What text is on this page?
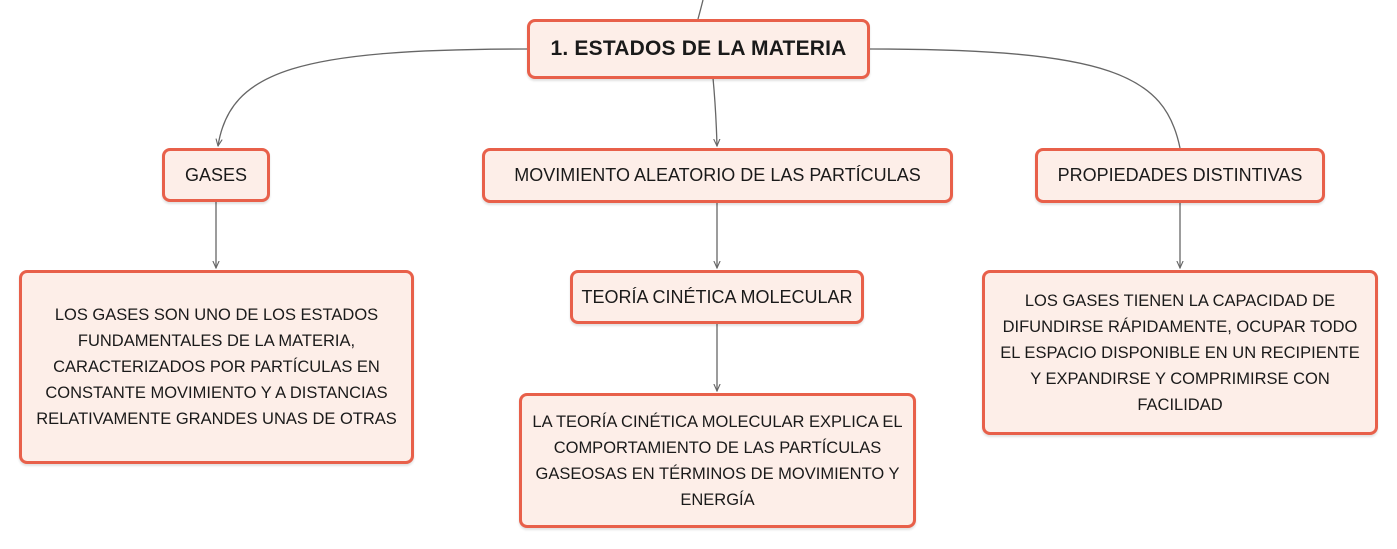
1. ESTADOS DE LA MATERIA
GASES	MOVIMIENTO ALEATORIO DE LAS PARTÍCULAS	PROPIEDADES DISTINTIVAS
TEORÍA CINÉTICA MOLECULAR
LOS GASES SON UNO DE LOS ESTADOS FUNDAMENTALES DE LA MATERIA, CARACTERIZADOS POR PARTÍCULAS EN CONSTANTE MOVIMIENTO Y A DISTANCIAS RELATIVAMENTE GRANDES UNAS DE OTRAS	LA TEORÍA CINÉTICA MOLECULAR EXPLICA EL COMPORTAMIENTO DE LAS PARTÍCULAS GASEOSAS EN TÉRMINOS DE MOVIMIENTO Y ENERGÍA
LOS GASES TIENEN LA CAPACIDAD DE DIFUNDIRSE RÁPIDAMENTE, OCUPAR TODO EL ESPACIO DISPONIBLE EN UN RECIPIENTE Y EXPANDIRSE Y COMPRIMIRSE CON FACILIDAD
